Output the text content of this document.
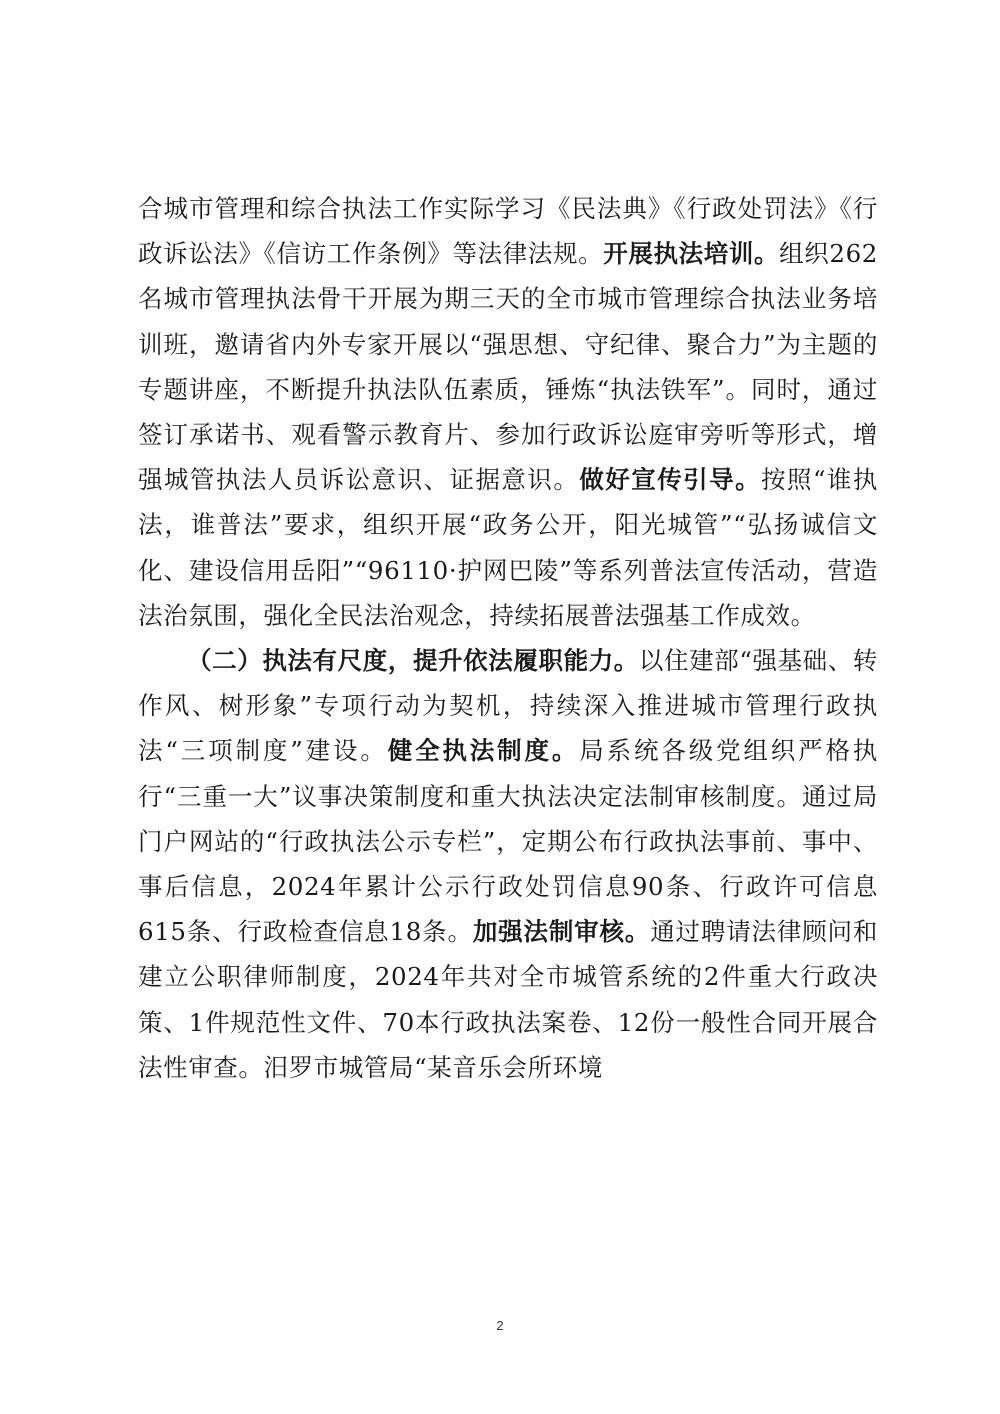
合城市管理和综合执法工作实际学习《民法典》《行政处罚法》《行政诉讼法》《信访工作条例》等法律法规。开展执法培训。组织262名城市管理执法骨干开展为期三天的全市城市管理综合执法业务培训班，邀请省内外专家开展以“强思想、守纪律、聚合力”为主题的专题讲座，不断提升执法队伍素质，锤炼“执法铁军”。同时，通过签订承诺书、观看警示教育片、参加行政诉讼庭审旁听等形式，增强城管执法人员诉讼意识、证据意识。做好宣传引导。按照“谁执法，谁普法”要求，组织开展“政务公开，阳光城管”“弘扬诚信文化、建设信用岳阳”“96110·护网巴陵”等系列普法宣传活动，营造法治氛围，强化全民法治观念，持续拓展普法强基工作成效。

（二）执法有尺度，提升依法履职能力。以住建部“强基础、转作风、树形象”专项行动为契机，持续深入推进城市管理行政执法“三项制度”建设。健全执法制度。局系统各级党组织严格执行“三重一大”议事决策制度和重大执法决定法制审核制度。通过局门户网站的“行政执法公示专栏”，定期公布行政执法事前、事中、事后信息，2024年累计公示行政处罚信息90条、行政许可信息615条、行政检查信息18条。加强法制审核。通过聘请法律顾问和建立公职律师制度，2024年共对全市城管系统的2件重大行政决策、1件规范性文件、70本行政执法案卷、12份一般性合同开展合法性审查。汨罗市城管局“某音乐会所环境

2
